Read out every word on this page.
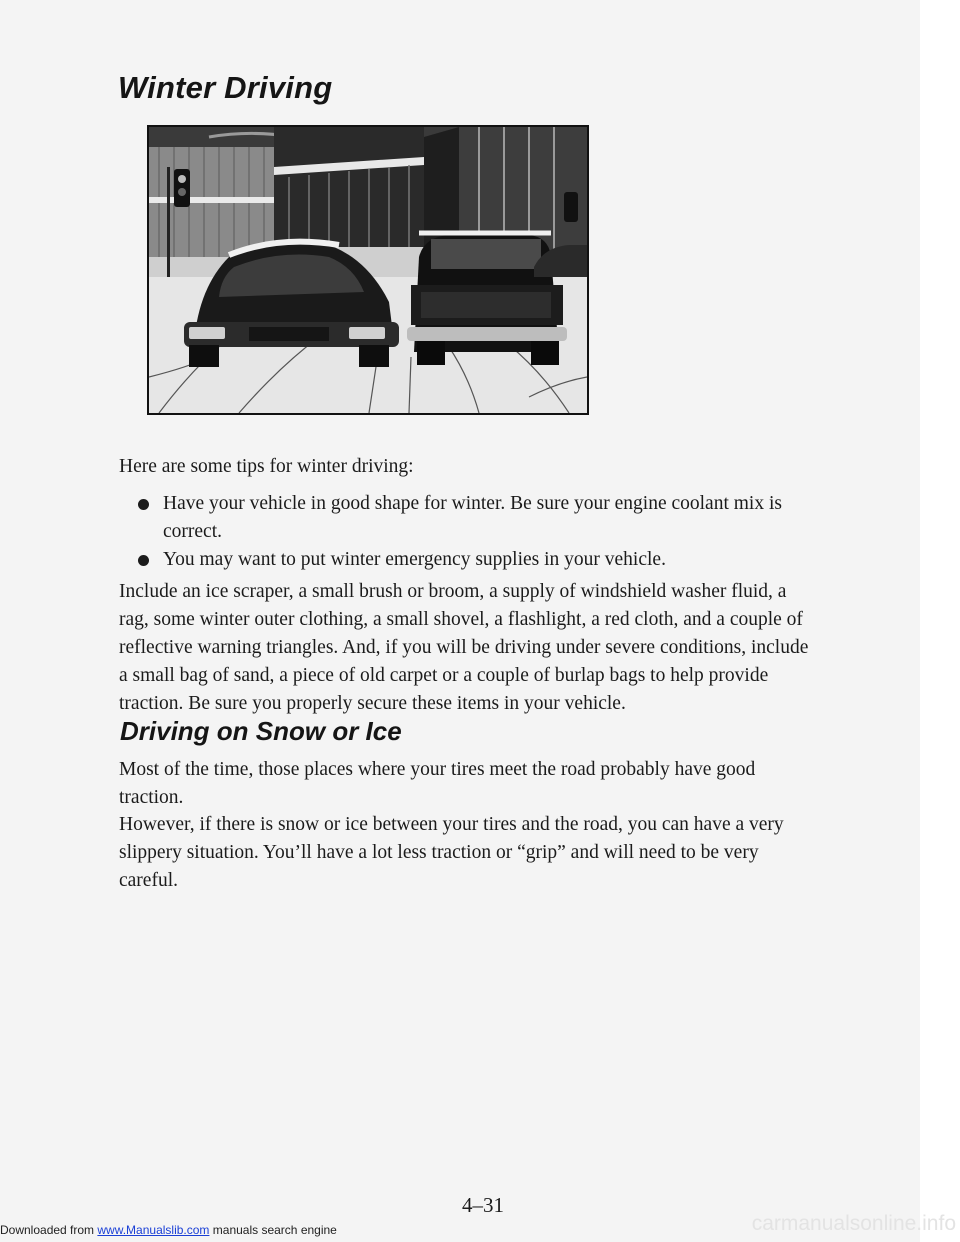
Winter Driving

Here are some tips for winter driving:

Have your vehicle in good shape for winter. Be sure your engine coolant mix is correct.
You may want to put winter emergency supplies in your vehicle.

Include an ice scraper, a small brush or broom, a supply of windshield washer fluid, a rag, some winter outer clothing, a small shovel, a flashlight, a red cloth, and a couple of reflective warning triangles. And, if you will be driving under severe conditions, include a small bag of sand, a piece of old carpet or a couple of burlap bags to help provide traction. Be sure you properly secure these items in your vehicle.

Driving on Snow or Ice

Most of the time, those places where your tires meet the road probably have good traction.

However, if there is snow or ice between your tires and the road, you can have a very slippery situation. You’ll have a lot less traction or “grip” and will need to be very careful.

4–31

Downloaded from www.Manualslib.com manuals search engine	carmanualsonline.info
